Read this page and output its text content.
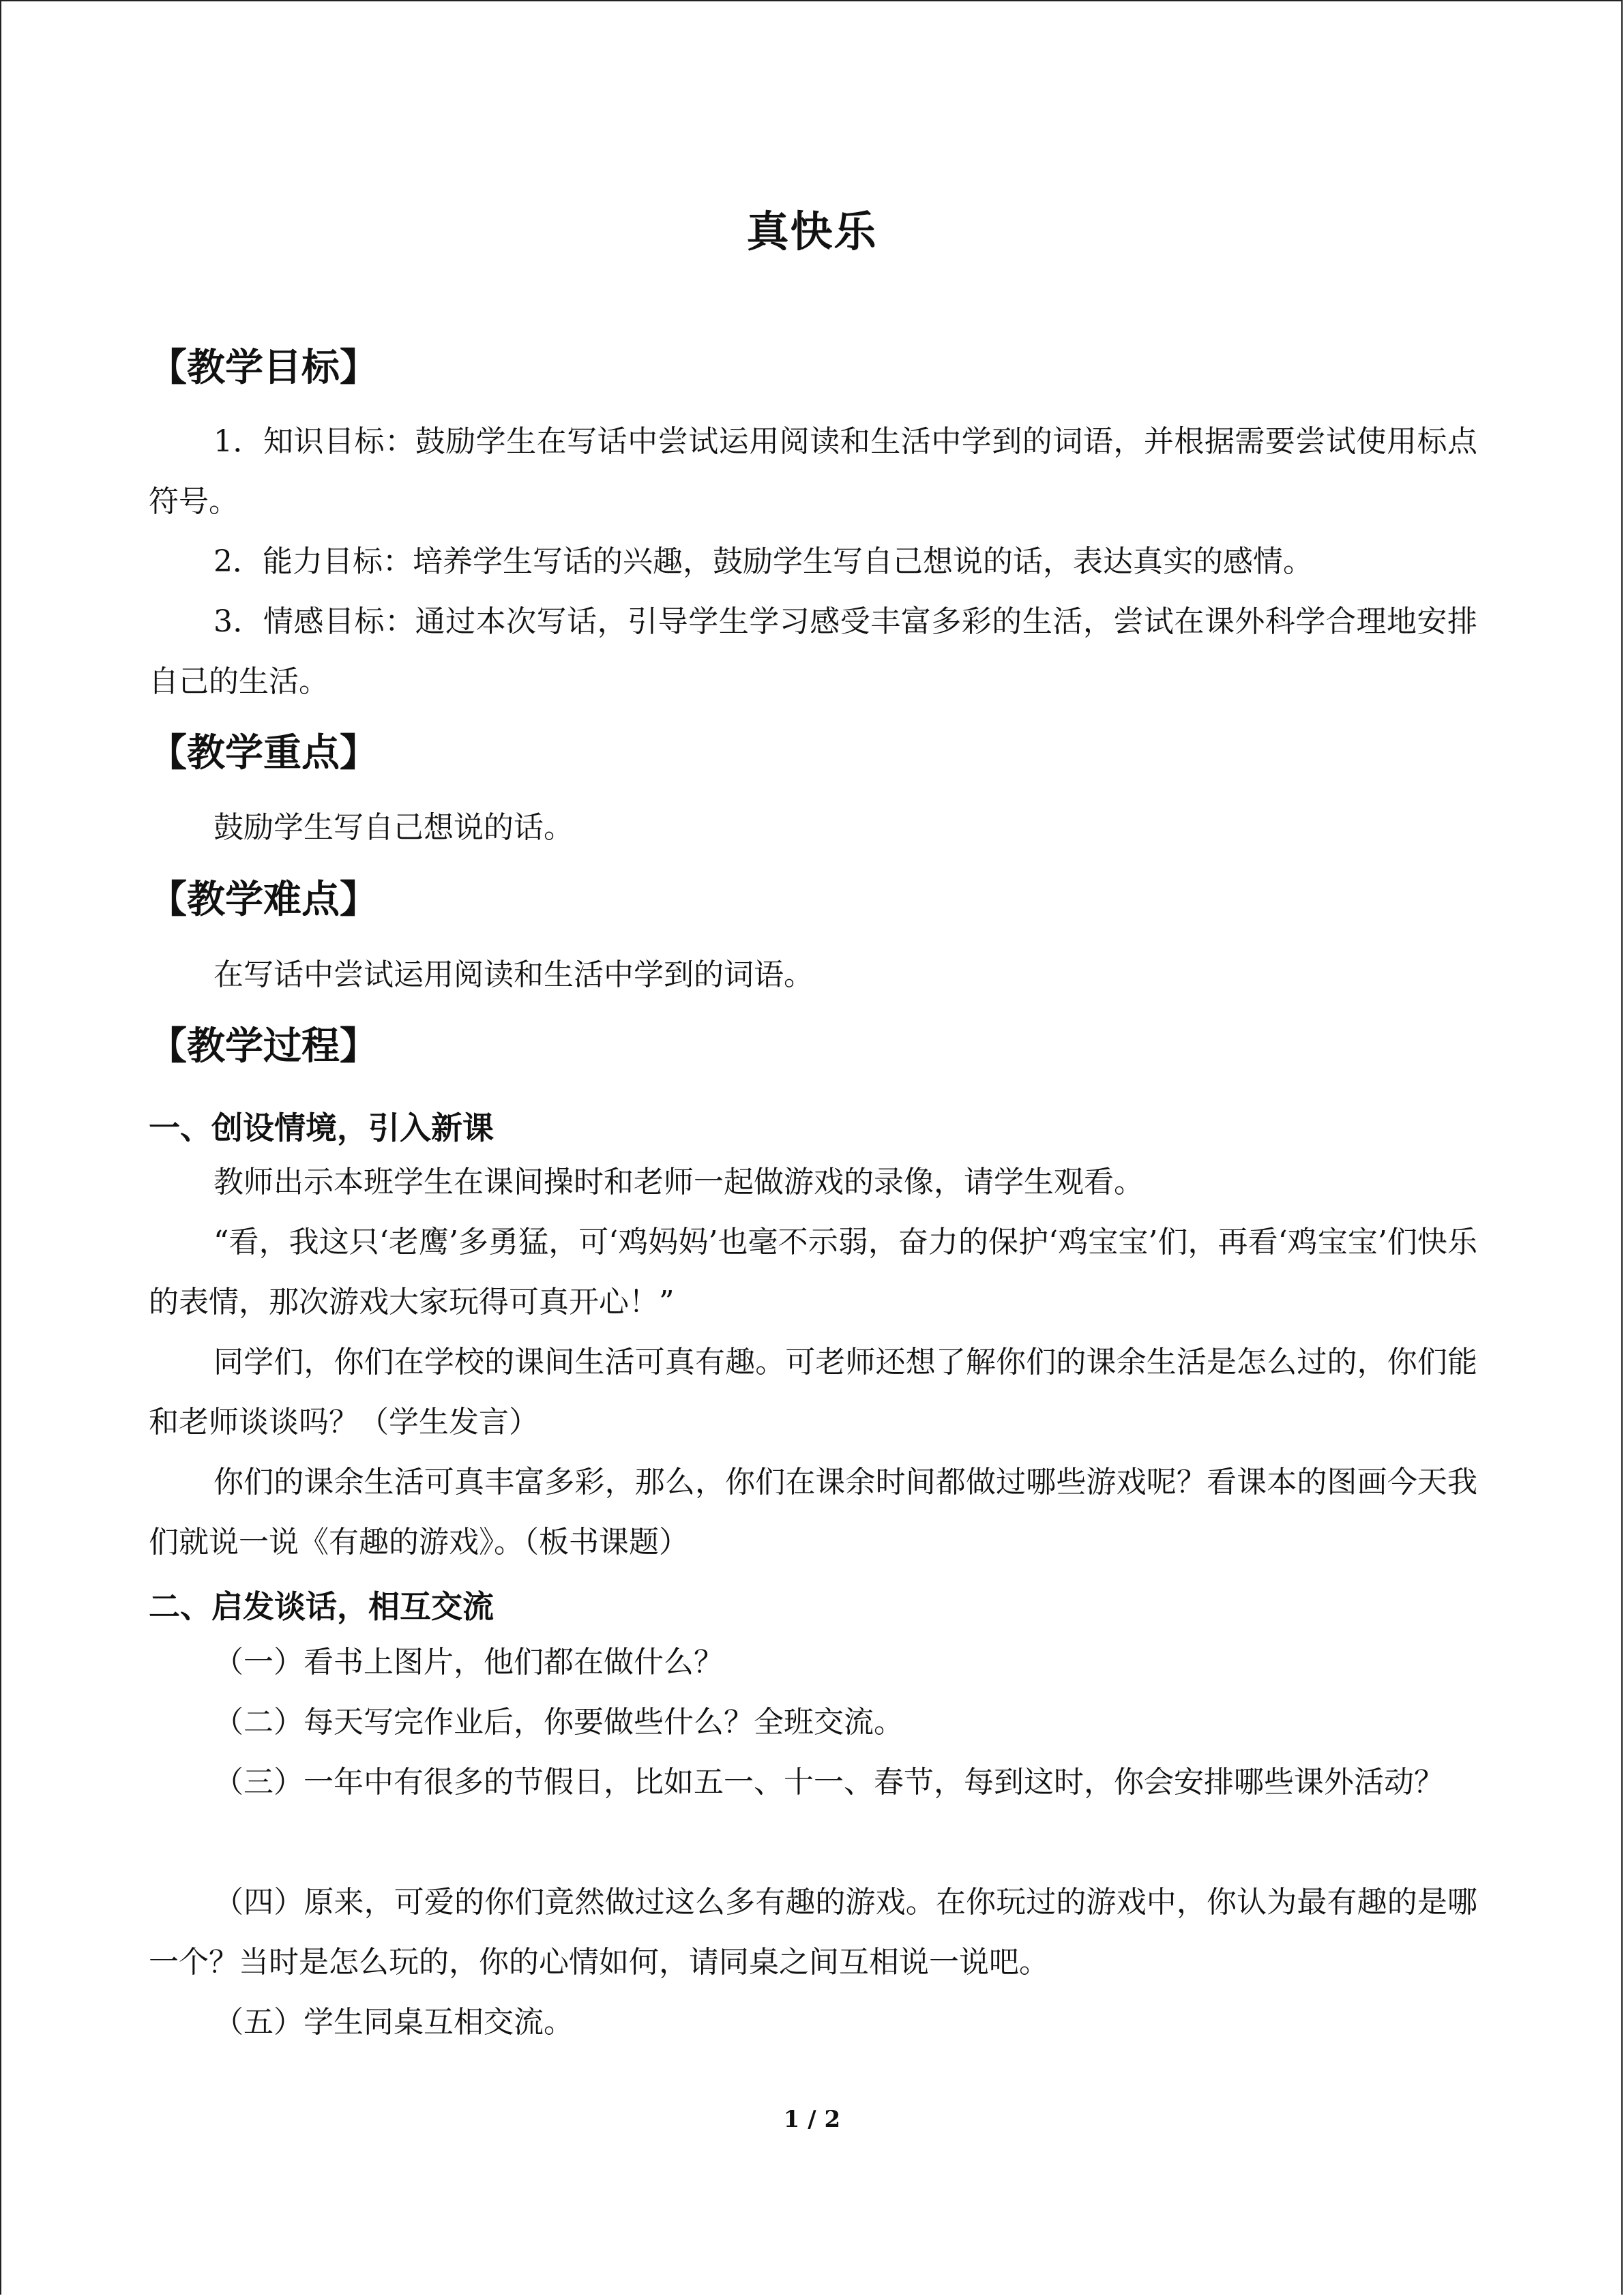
真快乐
【教学目标】
1．知识目标：鼓励学生在写话中尝试运用阅读和生活中学到的词语，并根据需要尝试使用标点符号。
2．能力目标：培养学生写话的兴趣，鼓励学生写自己想说的话，表达真实的感情。
3．情感目标：通过本次写话，引导学生学习感受丰富多彩的生活，尝试在课外科学合理地安排自己的生活。
【教学重点】
鼓励学生写自己想说的话。
【教学难点】
在写话中尝试运用阅读和生活中学到的词语。
【教学过程】
一、创设情境，引入新课
教师出示本班学生在课间操时和老师一起做游戏的录像，请学生观看。
“看，我这只‘老鹰’多勇猛，可‘鸡妈妈’也毫不示弱，奋力的保护‘鸡宝宝’们，再看‘鸡宝宝’们快乐的表情，那次游戏大家玩得可真开心！”
同学们，你们在学校的课间生活可真有趣。可老师还想了解你们的课余生活是怎么过的，你们能和老师谈谈吗？（学生发言）
你们的课余生活可真丰富多彩，那么，你们在课余时间都做过哪些游戏呢？看课本的图画今天我们就说一说《有趣的游戏》。（板书课题）
二、启发谈话，相互交流
（一）看书上图片，他们都在做什么？
（二）每天写完作业后，你要做些什么？全班交流。
（三）一年中有很多的节假日，比如五一、十一、春节，每到这时，你会安排哪些课外活动？
（四）原来，可爱的你们竟然做过这么多有趣的游戏。在你玩过的游戏中，你认为最有趣的是哪一个？当时是怎么玩的，你的心情如何，请同桌之间互相说一说吧。
（五）学生同桌互相交流。
1 / 2
